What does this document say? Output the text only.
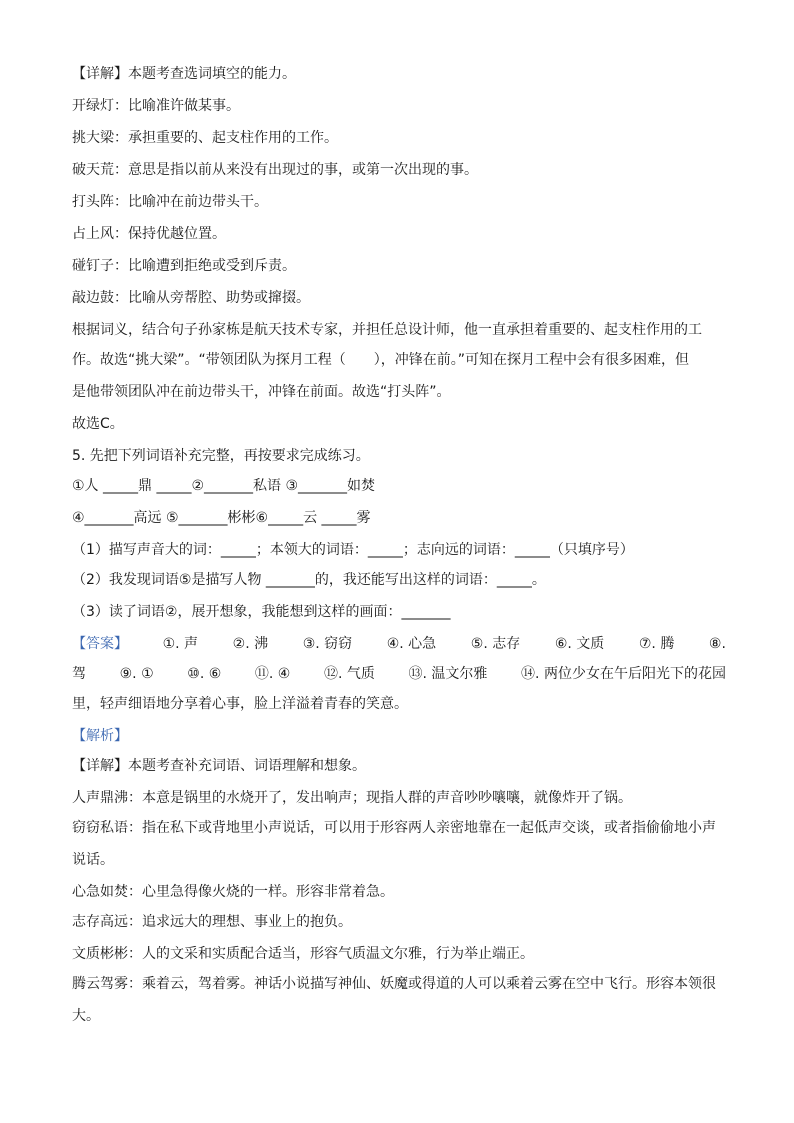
【详解】本题考查选词填空的能力。
开绿灯：比喻准许做某事。
挑大梁：承担重要的、起支柱作用的工作。
破天荒：意思是指以前从来没有出现过的事，或第一次出现的事。
打头阵：比喻冲在前边带头干。
占上风：保持优越位置。
碰钉子：比喻遭到拒绝或受到斥责。
敲边鼓：比喻从旁帮腔、助势或撺掇。
根据词义，结合句子孙家栋是航天技术专家，并担任总设计师，他一直承担着重要的、起支柱作用的工
作。故选“挑大梁”。“带领团队为探月工程（　　），冲锋在前。”可知在探月工程中会有很多困难，但
是他带领团队冲在前边带头干，冲锋在前面。故选“打头阵”。
故选C。
5. 先把下列词语补充完整，再按要求完成练习。
①人 _____鼎 _____②_______私语 ③_______如焚
④_______高远 ⑤_______彬彬⑥_____云 _____雾
（1）描写声音大的词：_____；本领大的词语：_____；志向远的词语：_____（只填序号）
（2）我发现词语⑤是描写人物 _______的，我还能写出这样的词语：_____。
（3）读了词语②，展开想象，我能想到这样的画面：_______
【答案】 ①. 声 ②. 沸 ③. 窃窃 ④. 心急 ⑤. 志存 ⑥. 文质 ⑦. 腾 ⑧.
驾 ⑨. ① ⑩. ⑥ ⑪. ④ ⑫. 气质 ⑬. 温文尔雅 ⑭. 两位少女在午后阳光下的花园
里，轻声细语地分享着心事，脸上洋溢着青春的笑意。
【解析】
【详解】本题考查补充词语、词语理解和想象。
人声鼎沸：本意是锅里的水烧开了，发出响声；现指人群的声音吵吵嚷嚷，就像炸开了锅。
窃窃私语：指在私下或背地里小声说话，可以用于形容两人亲密地靠在一起低声交谈，或者指偷偷地小声
说话。
心急如焚：心里急得像火烧的一样。形容非常着急。
志存高远：追求远大的理想、事业上的抱负。
文质彬彬：人的文采和实质配合适当，形容气质温文尔雅，行为举止端正。
腾云驾雾：乘着云，驾着雾。神话小说描写神仙、妖魔或得道的人可以乘着云雾在空中飞行。形容本领很
大。
